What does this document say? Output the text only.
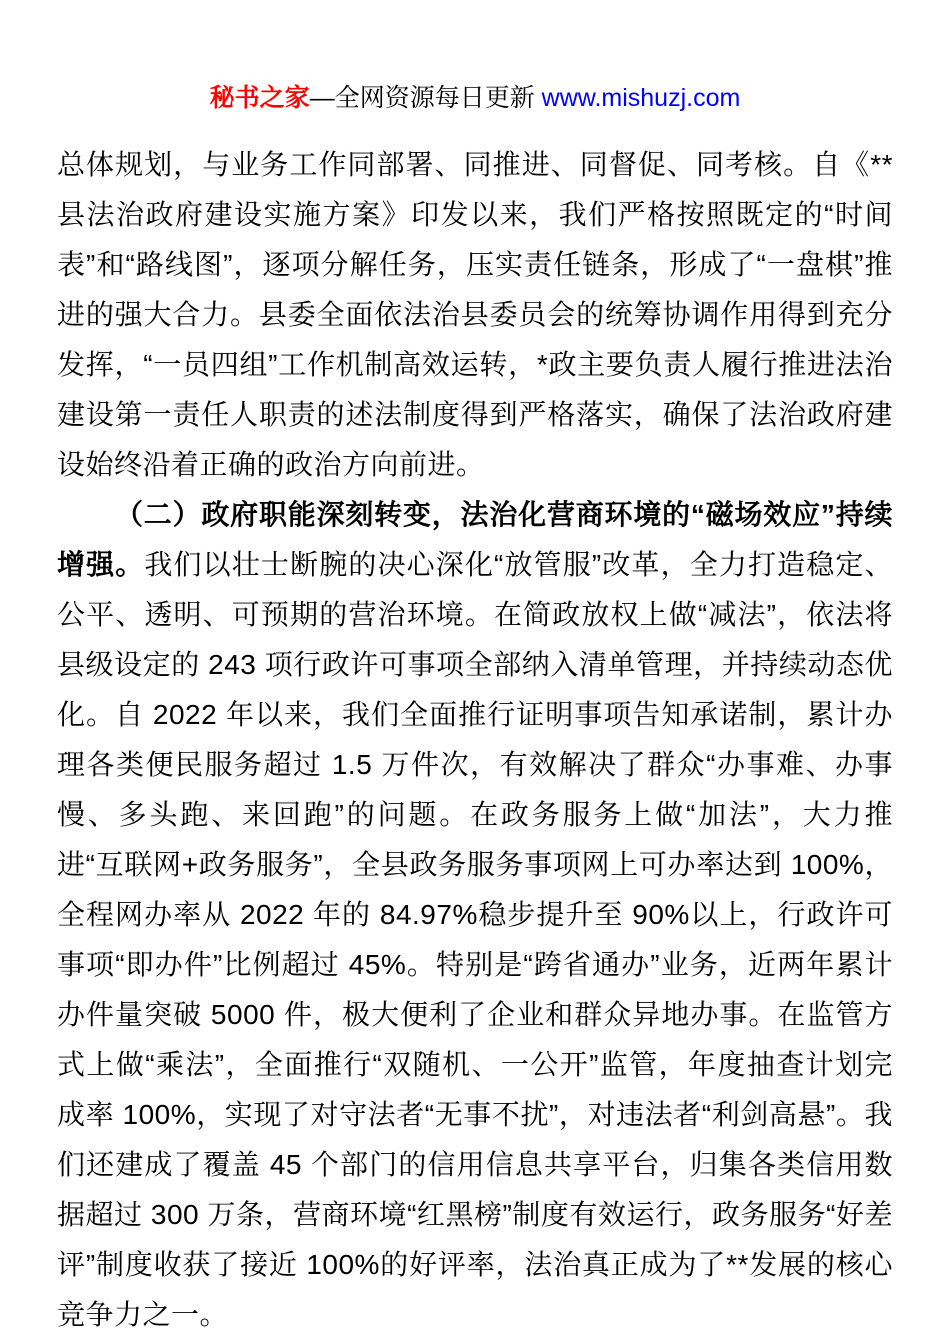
秘书之家—全网资源每日更新 www.mishuzj.com

总体规划，与业务工作同部署、同推进、同督促、同考核。自《**县法治政府建设实施方案》印发以来，我们严格按照既定的“时间表”和“路线图”，逐项分解任务，压实责任链条，形成了“一盘棋”推进的强大合力。县委全面依法治县委员会的统筹协调作用得到充分发挥，“一员四组”工作机制高效运转，*政主要负责人履行推进法治建设第一责任人职责的述法制度得到严格落实，确保了法治政府建设始终沿着正确的政治方向前进。

（二）政府职能深刻转变，法治化营商环境的“磁场效应”持续增强。我们以壮士断腕的决心深化“放管服”改革，全力打造稳定、公平、透明、可预期的营治环境。在简政放权上做“减法”，依法将县级设定的 243 项行政许可事项全部纳入清单管理，并持续动态优化。自 2022 年以来，我们全面推行证明事项告知承诺制，累计办理各类便民服务超过 1.5 万件次，有效解决了群众“办事难、办事慢、多头跑、来回跑”的问题。在政务服务上做“加法”，大力推进“互联网+政务服务”，全县政务服务事项网上可办率达到 100%，全程网办率从 2022 年的 84.97%稳步提升至 90%以上，行政许可事项“即办件”比例超过 45%。特别是“跨省通办”业务，近两年累计办件量突破 5000 件，极大便利了企业和群众异地办事。在监管方式上做“乘法”，全面推行“双随机、一公开”监管，年度抽查计划完成率 100%，实现了对守法者“无事不扰”，对违法者“利剑高悬”。我们还建成了覆盖 45 个部门的信用信息共享平台，归集各类信用数据超过 300 万条，营商环境“红黑榜”制度有效运行，政务服务“好差评”制度收获了接近 100%的好评率，法治真正成为了**发展的核心竞争力之一。
